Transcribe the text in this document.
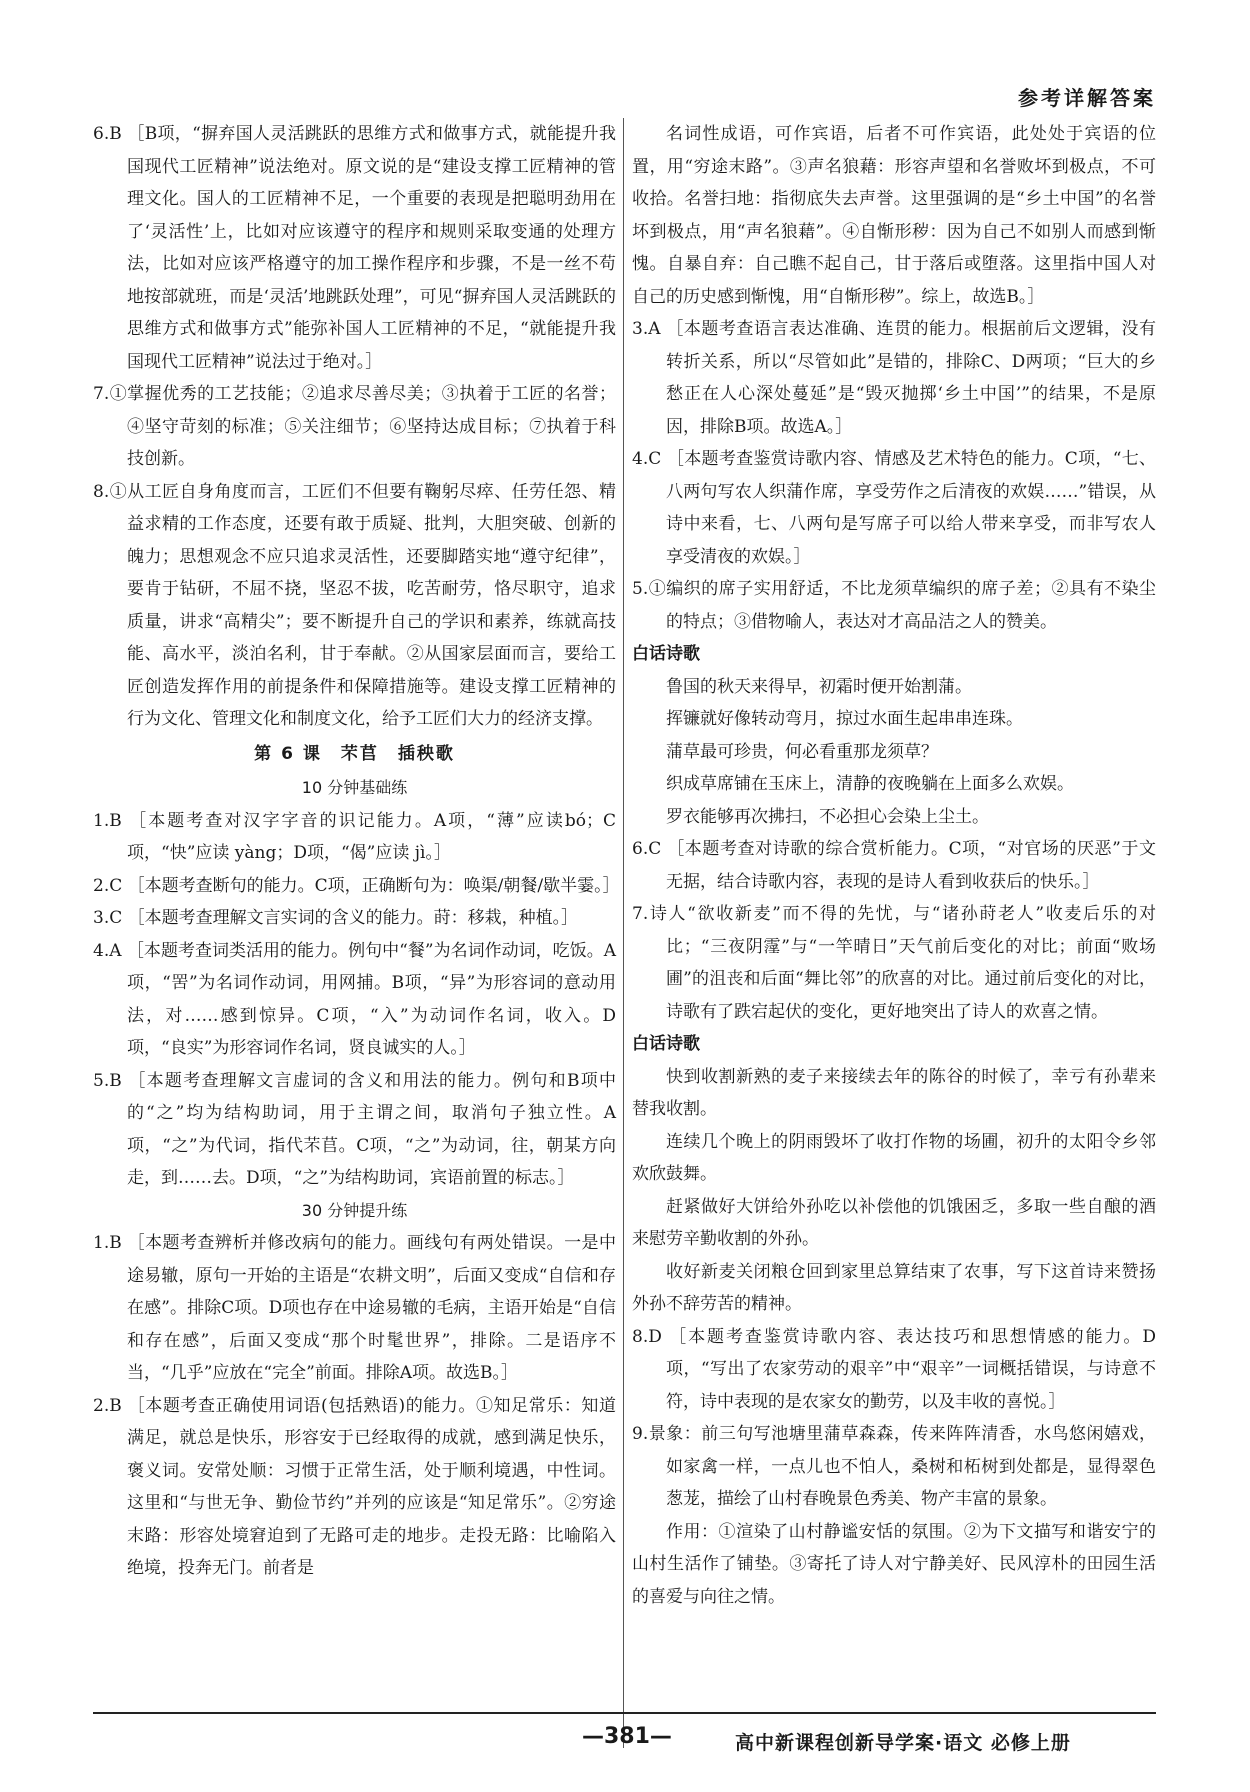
参考详解答案

6.B ［B项，“摒弃国人灵活跳跃的思维方式和做事方式，就能提升我国现代工匠精神”说法绝对。原文说的是“建设支撑工匠精神的管理文化。国人的工匠精神不足，一个重要的表现是把聪明劲用在了‘灵活性’上，比如对应该遵守的程序和规则采取变通的处理方法，比如对应该严格遵守的加工操作程序和步骤，不是一丝不苟地按部就班，而是‘灵活’地跳跃处理”，可见“摒弃国人灵活跳跃的思维方式和做事方式”能弥补国人工匠精神的不足，“就能提升我国现代工匠精神”说法过于绝对。］

7.①掌握优秀的工艺技能；②追求尽善尽美；③执着于工匠的名誉；④坚守苛刻的标准；⑤关注细节；⑥坚持达成目标；⑦执着于科技创新。

8.①从工匠自身角度而言，工匠们不但要有鞠躬尽瘁、任劳任怨、精益求精的工作态度，还要有敢于质疑、批判，大胆突破、创新的魄力；思想观念不应只追求灵活性，还要脚踏实地“遵守纪律”，要肯于钻研，不屈不挠，坚忍不拔，吃苦耐劳，恪尽职守，追求质量，讲求“高精尖”；要不断提升自己的学识和素养，练就高技能、高水平，淡泊名利，甘于奉献。②从国家层面而言，要给工匠创造发挥作用的前提条件和保障措施等。建设支撑工匠精神的行为文化、管理文化和制度文化，给予工匠们大力的经济支撑。

第 6 课　芣苢　插秧歌

10 分钟基础练

1.B ［本题考查对汉字字音的识记能力。A项，“薄”应读bó；C项，“快”应读 yàng；D项，“偈”应读 jì。］

2.C ［本题考查断句的能力。C项，正确断句为：唤渠/朝餐/歇半霎。］

3.C ［本题考查理解文言实词的含义的能力。莳：移栽，种植。］

4.A ［本题考查词类活用的能力。例句中“餐”为名词作动词，吃饭。A项，“罟”为名词作动词，用网捕。B项，“异”为形容词的意动用法，对……感到惊异。C项，“入”为动词作名词，收入。D项，“良实”为形容词作名词，贤良诚实的人。］

5.B ［本题考查理解文言虚词的含义和用法的能力。例句和B项中的“之”均为结构助词，用于主谓之间，取消句子独立性。A项，“之”为代词，指代芣苢。C项，“之”为动词，往，朝某方向走，到……去。D项，“之”为结构助词，宾语前置的标志。］

30 分钟提升练

1.B ［本题考查辨析并修改病句的能力。画线句有两处错误。一是中途易辙，原句一开始的主语是“农耕文明”，后面又变成“自信和存在感”。排除C项。D项也存在中途易辙的毛病，主语开始是“自信和存在感”，后面又变成“那个时髦世界”，排除。二是语序不当，“几乎”应放在“完全”前面。排除A项。故选B。］

2.B ［本题考查正确使用词语(包括熟语)的能力。①知足常乐：知道满足，就总是快乐，形容安于已经取得的成就，感到满足快乐，褒义词。安常处顺：习惯于正常生活，处于顺利境遇，中性词。这里和“与世无争、勤俭节约”并列的应该是“知足常乐”。②穷途末路：形容处境窘迫到了无路可走的地步。走投无路：比喻陷入绝境，投奔无门。前者是

名词性成语，可作宾语，后者不可作宾语，此处处于宾语的位置，用“穷途末路”。③声名狼藉：形容声望和名誉败坏到极点，不可收拾。名誉扫地：指彻底失去声誉。这里强调的是“乡土中国”的名誉坏到极点，用“声名狼藉”。④自惭形秽：因为自己不如别人而感到惭愧。自暴自弃：自己瞧不起自己，甘于落后或堕落。这里指中国人对自己的历史感到惭愧，用“自惭形秽”。综上，故选B。］

3.A ［本题考查语言表达准确、连贯的能力。根据前后文逻辑，没有转折关系，所以“尽管如此”是错的，排除C、D两项；“巨大的乡愁正在人心深处蔓延”是“毁灭抛掷‘乡土中国’”的结果，不是原因，排除B项。故选A。］

4.C ［本题考查鉴赏诗歌内容、情感及艺术特色的能力。C项，“七、八两句写农人织蒲作席，享受劳作之后清夜的欢娱……”错误，从诗中来看，七、八两句是写席子可以给人带来享受，而非写农人享受清夜的欢娱。］

5.①编织的席子实用舒适，不比龙须草编织的席子差；②具有不染尘的特点；③借物喻人，表达对才高品洁之人的赞美。

白话诗歌

鲁国的秋天来得早，初霜时便开始割蒲。

挥镰就好像转动弯月，掠过水面生起串串连珠。

蒲草最可珍贵，何必看重那龙须草？

织成草席铺在玉床上，清静的夜晚躺在上面多么欢娱。

罗衣能够再次拂扫，不必担心会染上尘土。

6.C ［本题考查对诗歌的综合赏析能力。C项，“对官场的厌恶”于文无据，结合诗歌内容，表现的是诗人看到收获后的快乐。］

7.诗人“欲收新麦”而不得的先忧，与“诸孙莳老人”收麦后乐的对比；“三夜阴霪”与“一竿晴日”天气前后变化的对比；前面“败场圃”的沮丧和后面“舞比邻”的欣喜的对比。通过前后变化的对比，诗歌有了跌宕起伏的变化，更好地突出了诗人的欢喜之情。

白话诗歌

快到收割新熟的麦子来接续去年的陈谷的时候了，幸亏有孙辈来替我收割。

连续几个晚上的阴雨毁坏了收打作物的场圃，初升的太阳令乡邻欢欣鼓舞。

赶紧做好大饼给外孙吃以补偿他的饥饿困乏，多取一些自酿的酒来慰劳辛勤收割的外孙。

收好新麦关闭粮仓回到家里总算结束了农事，写下这首诗来赞扬外孙不辞劳苦的精神。

8.D ［本题考查鉴赏诗歌内容、表达技巧和思想情感的能力。D项，“写出了农家劳动的艰辛”中“艰辛”一词概括错误，与诗意不符，诗中表现的是农家女的勤劳，以及丰收的喜悦。］

9.景象：前三句写池塘里蒲草森森，传来阵阵清香，水鸟悠闲嬉戏，如家禽一样，一点儿也不怕人，桑树和柘树到处都是，显得翠色葱茏，描绘了山村春晚景色秀美、物产丰富的景象。

作用：①渲染了山村静谧安恬的氛围。②为下文描写和谐安宁的山村生活作了铺垫。③寄托了诗人对宁静美好、民风淳朴的田园生活的喜爱与向往之情。

—381—	高中新课程创新导学案·语文 必修上册
